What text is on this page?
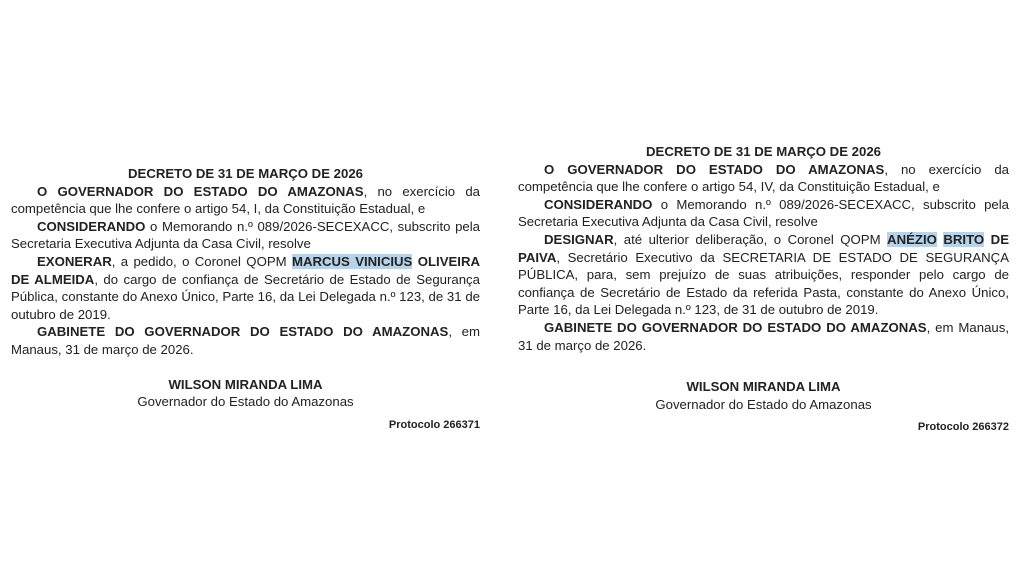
DECRETO DE 31 DE MARÇO DE 2026

O GOVERNADOR DO ESTADO DO AMAZONAS, no exercício da competência que lhe confere o artigo 54, I, da Constituição Estadual, e

CONSIDERANDO o Memorando n.º 089/2026-SECEXACC, subscrito pela Secretaria Executiva Adjunta da Casa Civil, resolve

EXONERAR, a pedido, o Coronel QOPM MARCUS VINICIUS OLIVEIRA DE ALMEIDA, do cargo de confiança de Secretário de Estado de Segurança Pública, constante do Anexo Único, Parte 16, da Lei Delegada n.º 123, de 31 de outubro de 2019.

GABINETE DO GOVERNADOR DO ESTADO DO AMAZONAS, em Manaus, 31 de março de 2026.

WILSON MIRANDA LIMA

Governador do Estado do Amazonas

Protocolo 266371

DECRETO DE 31 DE MARÇO DE 2026

O GOVERNADOR DO ESTADO DO AMAZONAS, no exercício da competência que lhe confere o artigo 54, IV, da Constituição Estadual, e

CONSIDERANDO o Memorando n.º 089/2026-SECEXACC, subscrito pela Secretaria Executiva Adjunta da Casa Civil, resolve

DESIGNAR, até ulterior deliberação, o Coronel QOPM ANÉZIO BRITO DE PAIVA, Secretário Executivo da SECRETARIA DE ESTADO DE SEGURANÇA PÚBLICA, para, sem prejuízo de suas atribuições, responder pelo cargo de confiança de Secretário de Estado da referida Pasta, constante do Anexo Único, Parte 16, da Lei Delegada n.º 123, de 31 de outubro de 2019.

GABINETE DO GOVERNADOR DO ESTADO DO AMAZONAS, em Manaus, 31 de março de 2026.

WILSON MIRANDA LIMA

Governador do Estado do Amazonas

Protocolo 266372
